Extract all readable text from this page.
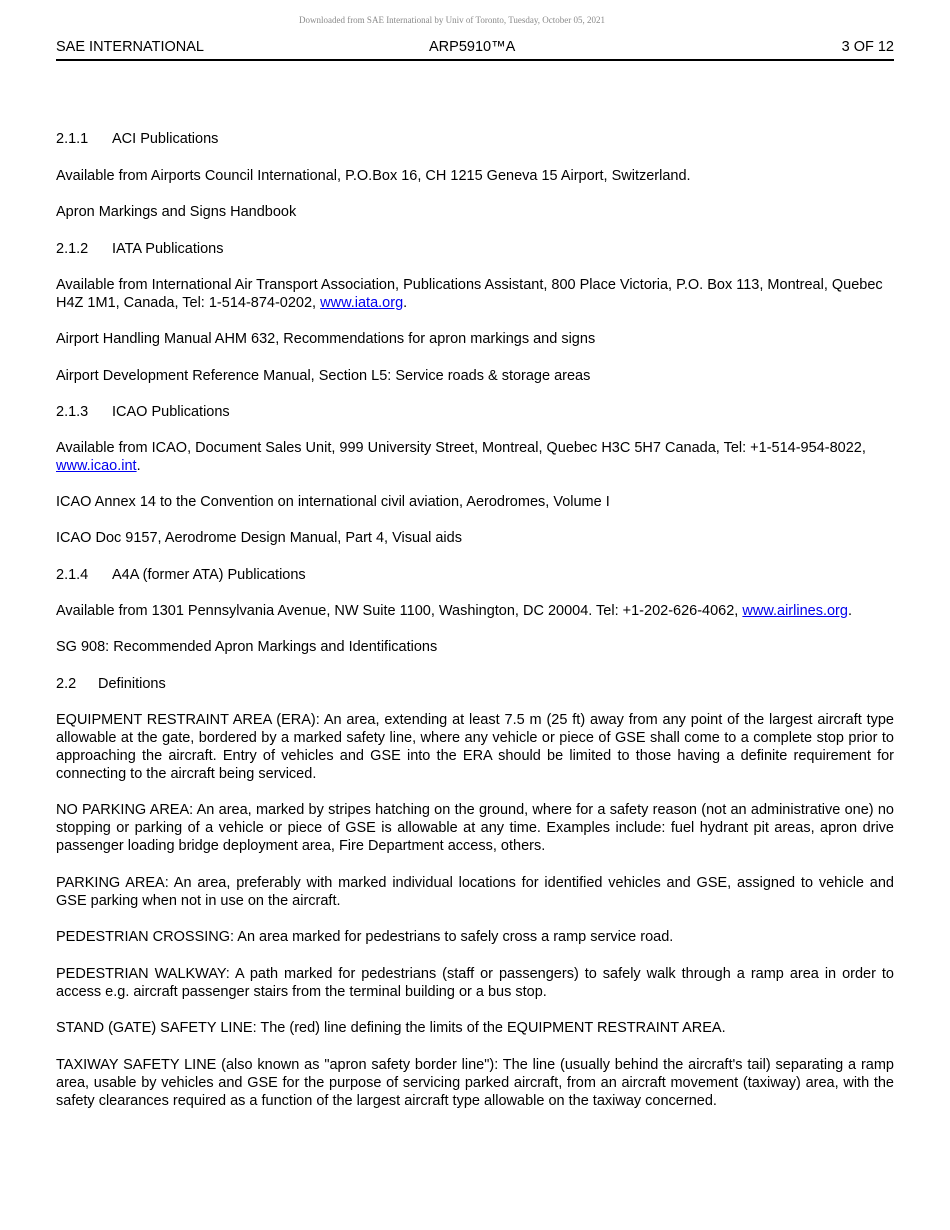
Downloaded from SAE International by Univ of Toronto, Tuesday, October 05, 2021
SAE INTERNATIONAL	ARP5910™A	3 OF 12
2.1.1	ACI Publications

Available from Airports Council International, P.O.Box 16, CH 1215 Geneva 15 Airport, Switzerland.

Apron Markings and Signs Handbook

2.1.2	IATA Publications

Available from International Air Transport Association, Publications Assistant, 800 Place Victoria, P.O. Box 113, Montreal, Quebec H4Z 1M1, Canada, Tel: 1-514-874-0202, www.iata.org.

Airport Handling Manual AHM 632, Recommendations for apron markings and signs

Airport Development Reference Manual, Section L5: Service roads & storage areas

2.1.3	ICAO Publications

Available from ICAO, Document Sales Unit, 999 University Street, Montreal, Quebec H3C 5H7 Canada, Tel: +1-514-954-8022, www.icao.int.

ICAO Annex 14 to the Convention on international civil aviation, Aerodromes, Volume I

ICAO Doc 9157, Aerodrome Design Manual, Part 4, Visual aids

2.1.4	A4A (former ATA) Publications

Available from 1301 Pennsylvania Avenue, NW Suite 1100, Washington, DC 20004. Tel: +1-202-626-4062, www.airlines.org.

SG 908: Recommended Apron Markings and Identifications

2.2	Definitions

EQUIPMENT RESTRAINT AREA (ERA): An area, extending at least 7.5 m (25 ft) away from any point of the largest aircraft type allowable at the gate, bordered by a marked safety line, where any vehicle or piece of GSE shall come to a complete stop prior to approaching the aircraft. Entry of vehicles and GSE into the ERA should be limited to those having a definite requirement for connecting to the aircraft being serviced.

NO PARKING AREA: An area, marked by stripes hatching on the ground, where for a safety reason (not an administrative one) no stopping or parking of a vehicle or piece of GSE is allowable at any time. Examples include: fuel hydrant pit areas, apron drive passenger loading bridge deployment area, Fire Department access, others.

PARKING AREA: An area, preferably with marked individual locations for identified vehicles and GSE, assigned to vehicle and GSE parking when not in use on the aircraft.

PEDESTRIAN CROSSING: An area marked for pedestrians to safely cross a ramp service road.

PEDESTRIAN WALKWAY: A path marked for pedestrians (staff or passengers) to safely walk through a ramp area in order to access e.g. aircraft passenger stairs from the terminal building or a bus stop.

STAND (GATE) SAFETY LINE: The (red) line defining the limits of the EQUIPMENT RESTRAINT AREA.

TAXIWAY SAFETY LINE (also known as "apron safety border line"): The line (usually behind the aircraft's tail) separating a ramp area, usable by vehicles and GSE for the purpose of servicing parked aircraft, from an aircraft movement (taxiway) area, with the safety clearances required as a function of the largest aircraft type allowable on the taxiway concerned.
